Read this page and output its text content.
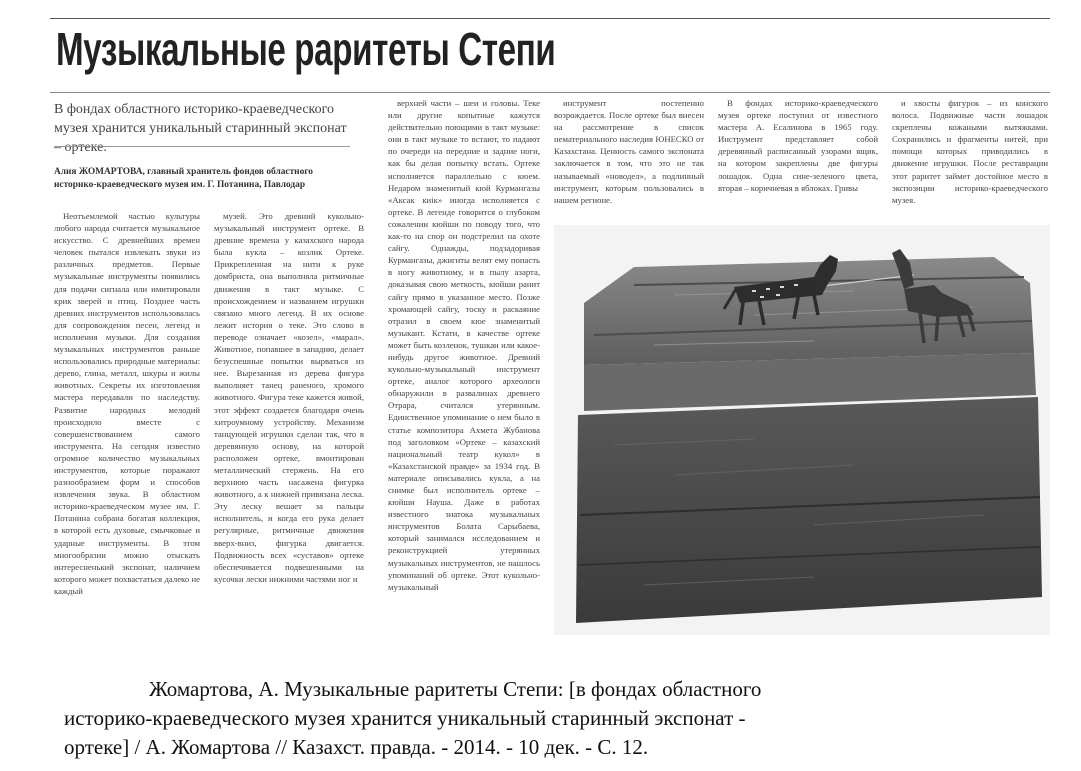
Музыкальные раритеты Степи
В фондах областного историко-краеведческого музея хранится уникальный старинный экспонат – ортеке.
Алия ЖОМАРТОВА, главный хранитель фондов областного историко-краеведческого музея им. Г. Потанина, Павлодар
Неотъемлемой частью культуры любого народа считается музыкальное искусство. С древнейших времен человек пытался извлекать звуки из различных предметов. Первые музыкальные инструменты появились для подачи сигнала или имитировали крик зверей и птиц. Позднее часть древних инструментов использовалась для сопровождения песен, легенд и исполнения музыки. Для создания музыкальных инструментов раньше использовались природные материалы: дерево, глина, металл, шкуры и жилы животных. Секреты их изготовления мастера передавали по наследству. Развитие народных мелодий происходило вместе с совершенствованием самого инструмента. На сегодня известно огромное количество музыкальных инструментов, которые поражают разнообразием форм и способов извлечения звука. В областном историко-краеведческом музее им. Г. Потанина собрана богатая коллекция, в которой есть духовые, смычковые и ударные инструменты. В этом многообразии можно отыскать интересненький экспонат, наличием которого может похвастаться далеко не каждый
музей. Это древний кукольно-музыкальный инструмент ортеке. В древние времена у казахского народа была кукла – козлик Ортеке. Прикрепленная на нити к руке домбриста, она выполняла ритмичные движения в такт музыке. С происхождением и названием игрушки связано много легенд. В их основе лежит история о теке. Это слово в переводе означает «козел», «марал». Животное, попавшее в западню, делает безуспешные попытки вырваться из нее. Вырезанная из дерева фигура выполняет танец раненого, хромого животного. Фигура теке кажется живой, этот эффект создается благодаря очень хитроумному устройству. Механизм танцующей игрушки сделан так, что в деревянную основу, на которой расположен ортеке, вмонтирован металлический стержень. На его верхнюю часть насажена фигурка животного, а к нижней привязана леска. Эту леску вешает за пальцы исполнитель, и когда его рука делает регулярные, ритмичные движения вверх-вниз, фигурка двигается. Подвижность всех «суставов» ортеке обеспечивается подвешенными на кусочки лески нижними частями ног и
верхней части – шеи и головы. Теке или другие копытные кажутся действительно поющими в такт музыке: они в такт музыке то встают, то падают по очереди на передние и задние ноги, как бы делая попытку встать. Ортеке исполняется параллельно с кюем. Недаром знаменитый кюй Курмангазы «Аксак киік» иногда исполняется с ортеке. В легенде говорится о глубоком сожалении кюйши по поводу того, что как-то на спор он подстрелил на охоте сайгу. Однажды, подзадоривая Курмангазы, джигиты велят ему попасть в ногу животному, и в пылу азарта, доказывая свою меткость, кюйши ранит сайгу прямо в указанное место. Позже хромающей сайгу, тоску и раскаяние отразил в своем кюе знаменитый музыкант. Кстати, в качестве ортеке может быть козленок, тушкан или какое-нибудь другое животное. Древний кукольно-музыкальный инструмент ортеке, аналог которого археологи обнаружили в развалинах древнего Отрара, считался утерянным. Единственное упоминание о нем было в статье композитора Ахмета Жубанова под заголовком «Ортеке – казахский национальный театр кукол» в «Казахстанской правде» за 1934 год. В материале описывались кукла, а на снимке был исполнитель ортеке – кюйши Науша. Даже в работах известного знатока музыкальных инструментов Болата Сарыбаева, который занимался исследованием и реконструкцией утерянных музыкальных инструментов, не нашлось упоминаний об ортеке. Этот кукольно-музыкальный
инструмент постепенно возрождается. После ортеке был внесен на рассмотрение в список нематериального наследия ЮНЕСКО от Казахстана. Ценность самого экспоната заключается в том, что это не так называемый «новодел», а подлинный инструмент, которым пользовались в нашем регионе.
В фондах историко-краеведческого музея ортеке поступил от известного мастера А. Есалинова в 1965 году. Инструмент представляет собой деревянный расписанный узорами ящик, на котором закреплены две фигуры лошадок. Одна сине-зеленого цвета, вторая – коричневая в яблоках. Гривы
и хвосты фигурок – из конского волоса. Подвижные части лошадок скреплены кожаными вытяжками. Сохранились и фрагменты нитей, при помощи которых приводились в движение игрушки. После реставрации этот раритет займет достойное место в экспозиции историко-краеведческого музея.
Жомартова, А. Музыкальные раритеты Степи: [в фондах областного
историко-краеведческого музея хранится уникальный старинный экспонат -
ортеке] / А. Жомартова // Казахст. правда. - 2014. - 10 дек. - С. 12.
